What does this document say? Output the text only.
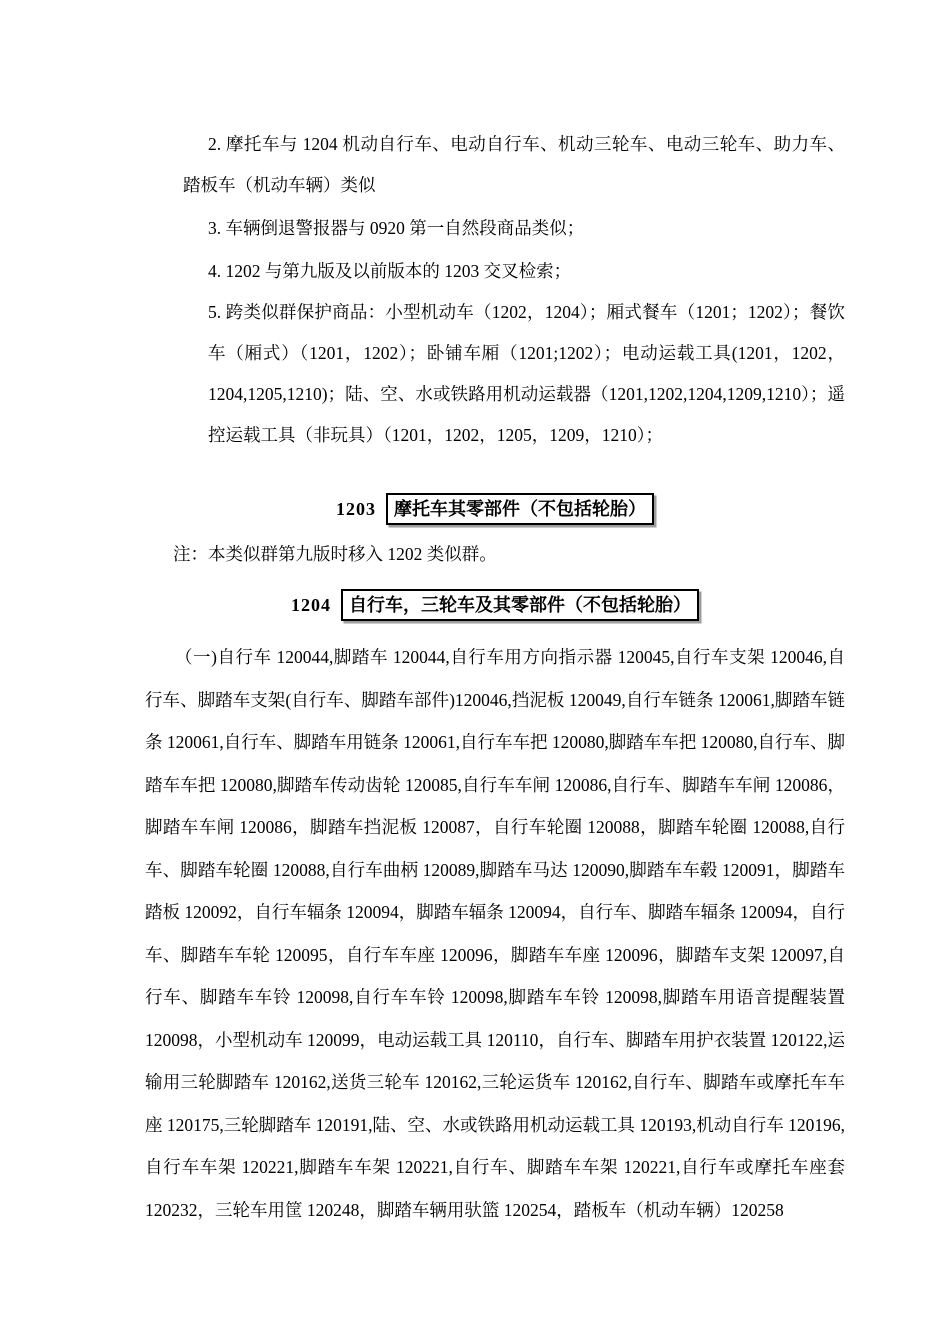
2. 摩托车与 1204 机动自行车、电动自行车、机动三轮车、电动三轮车、助力车、踏板车（机动车辆）类似

3. 车辆倒退警报器与 0920 第一自然段商品类似；

4. 1202 与第九版及以前版本的 1203 交叉检索；

5. 跨类似群保护商品：小型机动车（1202，1204）；厢式餐车（1201；1202）；餐饮车（厢式）（1201，1202）；卧铺车厢（1201;1202）；电动运载工具(1201，1202，1204,1205,1210)；陆、空、水或铁路用机动运载器（1201,1202,1204,1209,1210）；遥控运载工具（非玩具）（1201，1202，1205，1209，1210）；

1203 摩托车其零部件（不包括轮胎）

注：本类似群第九版时移入 1202 类似群。

1204 自行车，三轮车及其零部件（不包括轮胎）

（一)自行车 120044,脚踏车 120044,自行车用方向指示器 120045,自行车支架 120046,自行车、脚踏车支架(自行车、脚踏车部件)120046,挡泥板 120049,自行车链条 120061,脚踏车链条 120061,自行车、脚踏车用链条 120061,自行车车把 120080,脚踏车车把 120080,自行车、脚踏车车把 120080,脚踏车传动齿轮 120085,自行车车闸 120086,自行车、脚踏车车闸 120086，脚踏车车闸 120086，脚踏车挡泥板 120087，自行车轮圈 120088，脚踏车轮圈 120088,自行车、脚踏车轮圈 120088,自行车曲柄 120089,脚踏车马达 120090,脚踏车车毂 120091，脚踏车踏板 120092，自行车辐条 120094，脚踏车辐条 120094，自行车、脚踏车辐条 120094，自行车、脚踏车车轮 120095，自行车车座 120096，脚踏车车座 120096，脚踏车支架 120097,自行车、脚踏车车铃 120098,自行车车铃 120098,脚踏车车铃 120098,脚踏车用语音提醒装置 120098，小型机动车 120099，电动运载工具 120110，自行车、脚踏车用护衣装置 120122,运输用三轮脚踏车 120162,送货三轮车 120162,三轮运货车 120162,自行车、脚踏车或摩托车车座 120175,三轮脚踏车 120191,陆、空、水或铁路用机动运载工具 120193,机动自行车 120196,自行车车架 120221,脚踏车车架 120221,自行车、脚踏车车架 120221,自行车或摩托车座套 120232，三轮车用筐 120248，脚踏车辆用驮篮 120254，踏板车（机动车辆）120258
